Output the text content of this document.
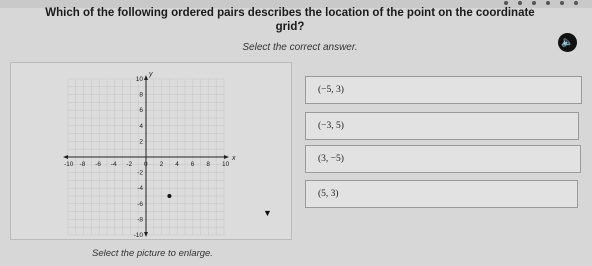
Which of the following ordered pairs describes the location of the point on the coordinate
grid?
🔈
Select the correct answer.
x
y
-10 -8 -6 -4 -2 0 2 4 6 8 10
10
8
6
4
2
-2
-4
-6
-8
-10
Select the picture to enlarge.
(−5, 3)
(−3, 5)
(3, −5)
(5, 3)
▼
